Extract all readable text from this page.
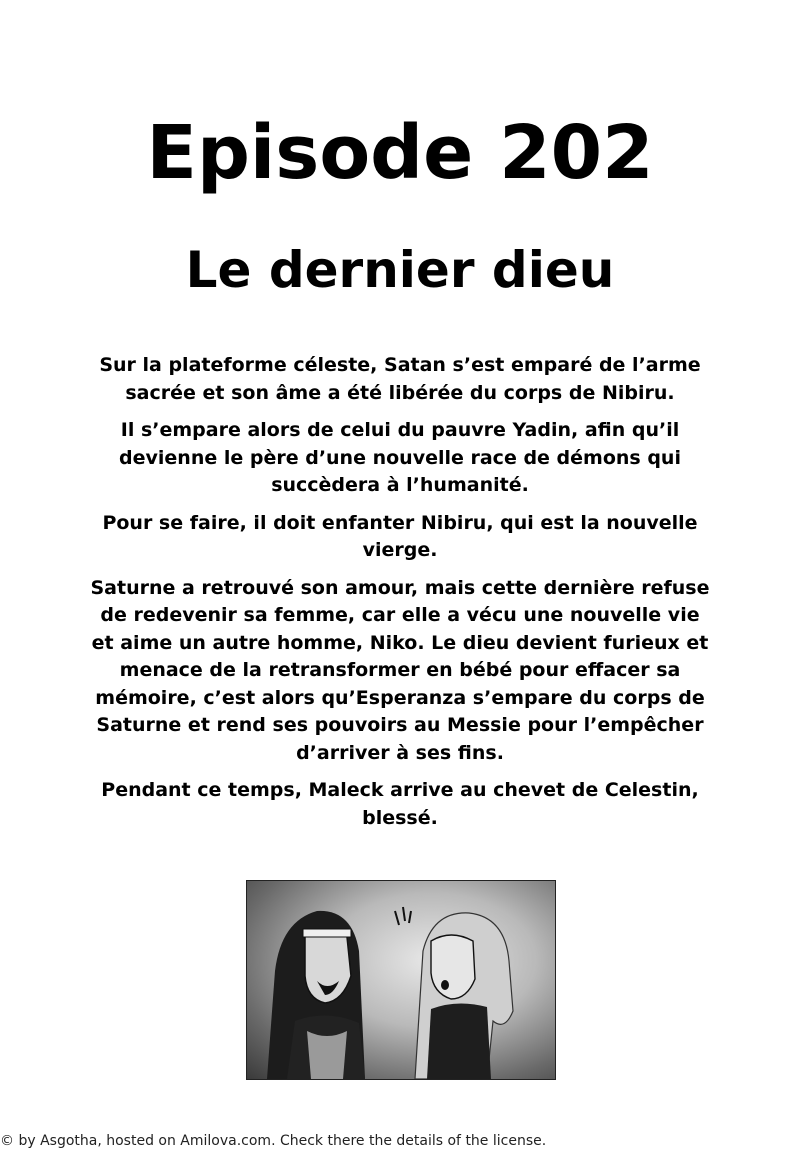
Episode 202
Le dernier dieu

Sur la plateforme céleste, Satan s’est emparé de l’arme sacrée et son âme a été libérée du corps de Nibiru.

Il s’empare alors de celui du pauvre Yadin, afin qu’il devienne le père d’une nouvelle race de démons qui succèdera à l’humanité.

Pour se faire, il doit enfanter Nibiru, qui est la nouvelle vierge.

Saturne a retrouvé son amour, mais cette dernière refuse de redevenir sa femme, car elle a vécu une nouvelle vie et aime un autre homme, Niko. Le dieu devient furieux et menace de la retransformer en bébé pour effacer sa mémoire, c’est alors qu’Esperanza s’empare du corps de Saturne et rend ses pouvoirs au Messie pour l’empêcher d’arriver à ses fins.

Pendant ce temps, Maleck arrive au chevet de Celestin, blessé.

© by Asgotha, hosted on Amilova.com. Check there the details of the license.
